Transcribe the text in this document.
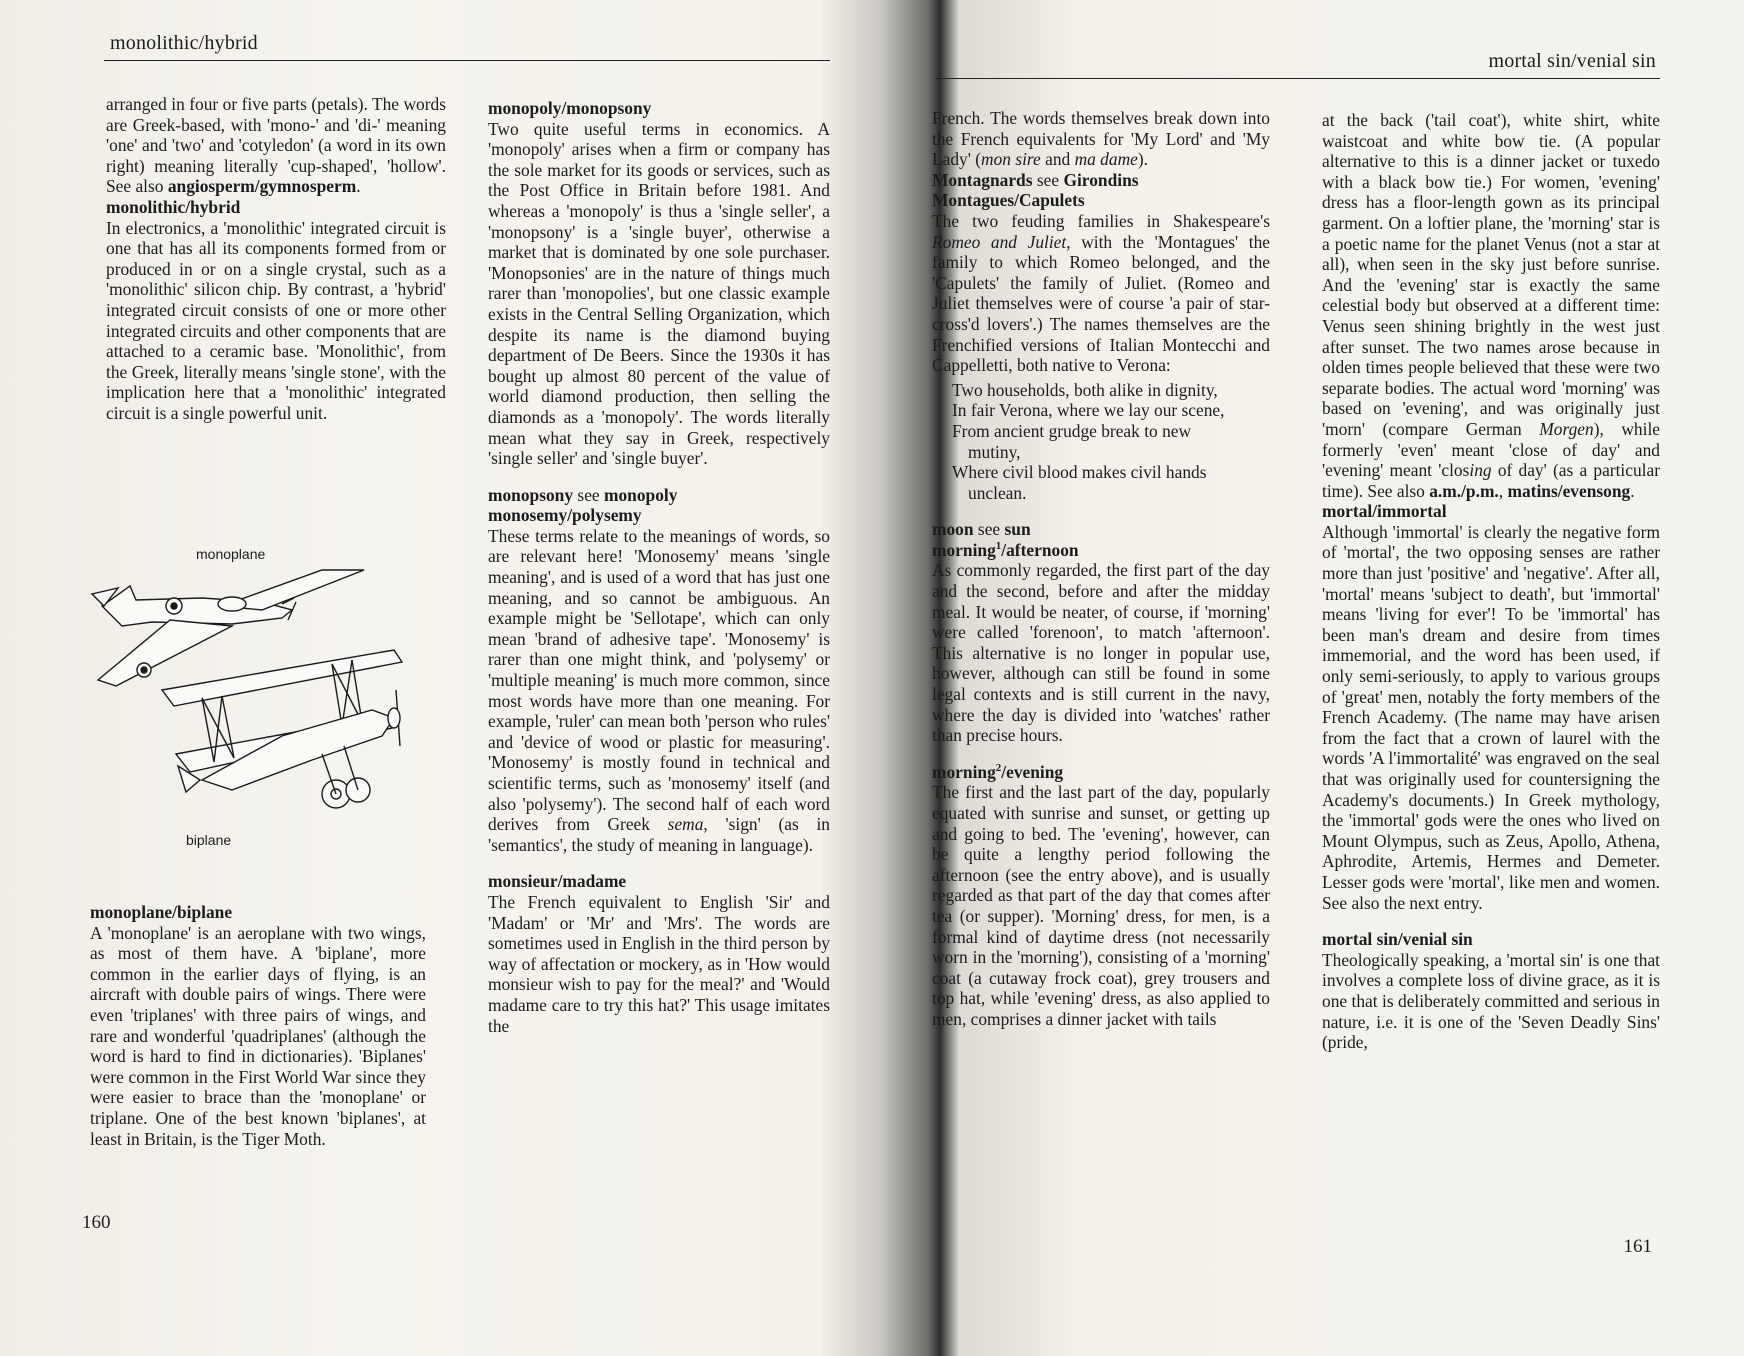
monolithic/hybrid

arranged in four or five parts (petals). The words are Greek-based, with 'mono-' and 'di-' meaning 'one' and 'two' and 'cotyledon' (a word in its own right) meaning literally 'cup-shaped', 'hollow'. See also angiosperm/gymnosperm.

monolithic/hybrid

In electronics, a 'monolithic' integrated circuit is one that has all its components formed from or produced in or on a single crystal, such as a 'monolithic' silicon chip. By contrast, a 'hybrid' integrated circuit consists of one or more other integrated circuits and other components that are attached to a ceramic base. 'Monolithic', from the Greek, literally means 'single stone', with the implication here that a 'monolithic' integrated circuit is a single powerful unit.

monoplane
biplane

monoplane/biplane

A 'monoplane' is an aeroplane with two wings, as most of them have. A 'biplane', more common in the earlier days of flying, is an aircraft with double pairs of wings. There were even 'triplanes' with three pairs of wings, and rare and wonderful 'quadriplanes' (although the word is hard to find in dictionaries). 'Biplanes' were common in the First World War since they were easier to brace than the 'monoplane' or triplane. One of the best known 'biplanes', at least in Britain, is the Tiger Moth.

monopoly/monopsony

Two quite useful terms in economics. A 'monopoly' arises when a firm or company has the sole market for its goods or services, such as the Post Office in Britain before 1981. And whereas a 'monopoly' is thus a 'single seller', a 'monopsony' is a 'single buyer', otherwise a market that is dominated by one sole purchaser. 'Monopsonies' are in the nature of things much rarer than 'monopolies', but one classic example exists in the Central Selling Organization, which despite its name is the diamond buying department of De Beers. Since the 1930s it has bought up almost 80 percent of the value of world diamond production, then selling the diamonds as a 'monopoly'. The words literally mean what they say in Greek, respectively 'single seller' and 'single buyer'.

monopsony see monopoly

monosemy/polysemy

These terms relate to the meanings of words, so are relevant here! 'Monosemy' means 'single meaning', and is used of a word that has just one meaning, and so cannot be ambiguous. An example might be 'Sellotape', which can only mean 'brand of adhesive tape'. 'Monosemy' is rarer than one might think, and 'polysemy' or 'multiple meaning' is much more common, since most words have more than one meaning. For example, 'ruler' can mean both 'person who rules' and 'device of wood or plastic for measuring'. 'Monosemy' is mostly found in technical and scientific terms, such as 'monosemy' itself (and also 'polysemy'). The second half of each word derives from Greek sema, 'sign' (as in 'semantics', the study of meaning in language).

monsieur/madame

The French equivalent to English 'Sir' and 'Madam' or 'Mr' and 'Mrs'. The words are sometimes used in English in the third person by way of affectation or mockery, as in 'How would monsieur wish to pay for the meal?' and 'Would madame care to try this hat?' This usage imitates the

160
mortal sin/venial sin

French. The words themselves break down into the French equivalents for 'My Lord' and 'My Lady' (mon sire and ma dame).

Montagnards see Girondins

Montagues/Capulets

The two feuding families in Shakespeare's Romeo and Juliet, with the 'Montagues' the family to which Romeo belonged, and the 'Capulets' the family of Juliet. (Romeo and Juliet themselves were of course 'a pair of star-cross'd lovers'.) The names themselves are the Frenchified versions of Italian Montecchi and Cappelletti, both native to Verona:

Two households, both alike in dignity,
In fair Verona, where we lay our scene,
From ancient grudge break to new
mutiny,
Where civil blood makes civil hands
unclean.

moon see sun

morning$^1$/afternoon

As commonly regarded, the first part of the day and the second, before and after the midday meal. It would be neater, of course, if 'morning' were called 'forenoon', to match 'afternoon'. This alternative is no longer in popular use, however, although can still be found in some legal contexts and is still current in the navy, where the day is divided into 'watches' rather than precise hours.

morning$^2$/evening

The first and the last part of the day, popularly equated with sunrise and sunset, or getting up and going to bed. The 'evening', however, can be quite a lengthy period following the afternoon (see the entry above), and is usually regarded as that part of the day that comes after tea (or supper). 'Morning' dress, for men, is a formal kind of daytime dress (not necessarily worn in the 'morning'), consisting of a 'morning' coat (a cutaway frock coat), grey trousers and top hat, while 'evening' dress, as also applied to men, comprises a dinner jacket with tails

at the back ('tail coat'), white shirt, white waistcoat and white bow tie. (A popular alternative to this is a dinner jacket or tuxedo with a black bow tie.) For women, 'evening' dress has a floor-length gown as its principal garment. On a loftier plane, the 'morning' star is a poetic name for the planet Venus (not a star at all), when seen in the sky just before sunrise. And the 'evening' star is exactly the same celestial body but observed at a different time: Venus seen shining brightly in the west just after sunset. The two names arose because in olden times people believed that these were two separate bodies. The actual word 'morning' was based on 'evening', and was originally just 'morn' (compare German Morgen), while formerly 'even' meant 'close of day' and 'evening' meant 'closing of day' (as a particular time). See also a.m./p.m., matins/evensong.

mortal/immortal

Although 'immortal' is clearly the negative form of 'mortal', the two opposing senses are rather more than just 'positive' and 'negative'. After all, 'mortal' means 'subject to death', but 'immortal' means 'living for ever'! To be 'immortal' has been man's dream and desire from times immemorial, and the word has been used, if only semi-seriously, to apply to various groups of 'great' men, notably the forty members of the French Academy. (The name may have arisen from the fact that a crown of laurel with the words 'A l'immortalité' was engraved on the seal that was originally used for countersigning the Academy's documents.) In Greek mythology, the 'immortal' gods were the ones who lived on Mount Olympus, such as Zeus, Apollo, Athena, Aphrodite, Artemis, Hermes and Demeter. Lesser gods were 'mortal', like men and women. See also the next entry.

mortal sin/venial sin

Theologically speaking, a 'mortal sin' is one that involves a complete loss of divine grace, as it is one that is deliberately committed and serious in nature, i.e. it is one of the 'Seven Deadly Sins' (pride,

161
